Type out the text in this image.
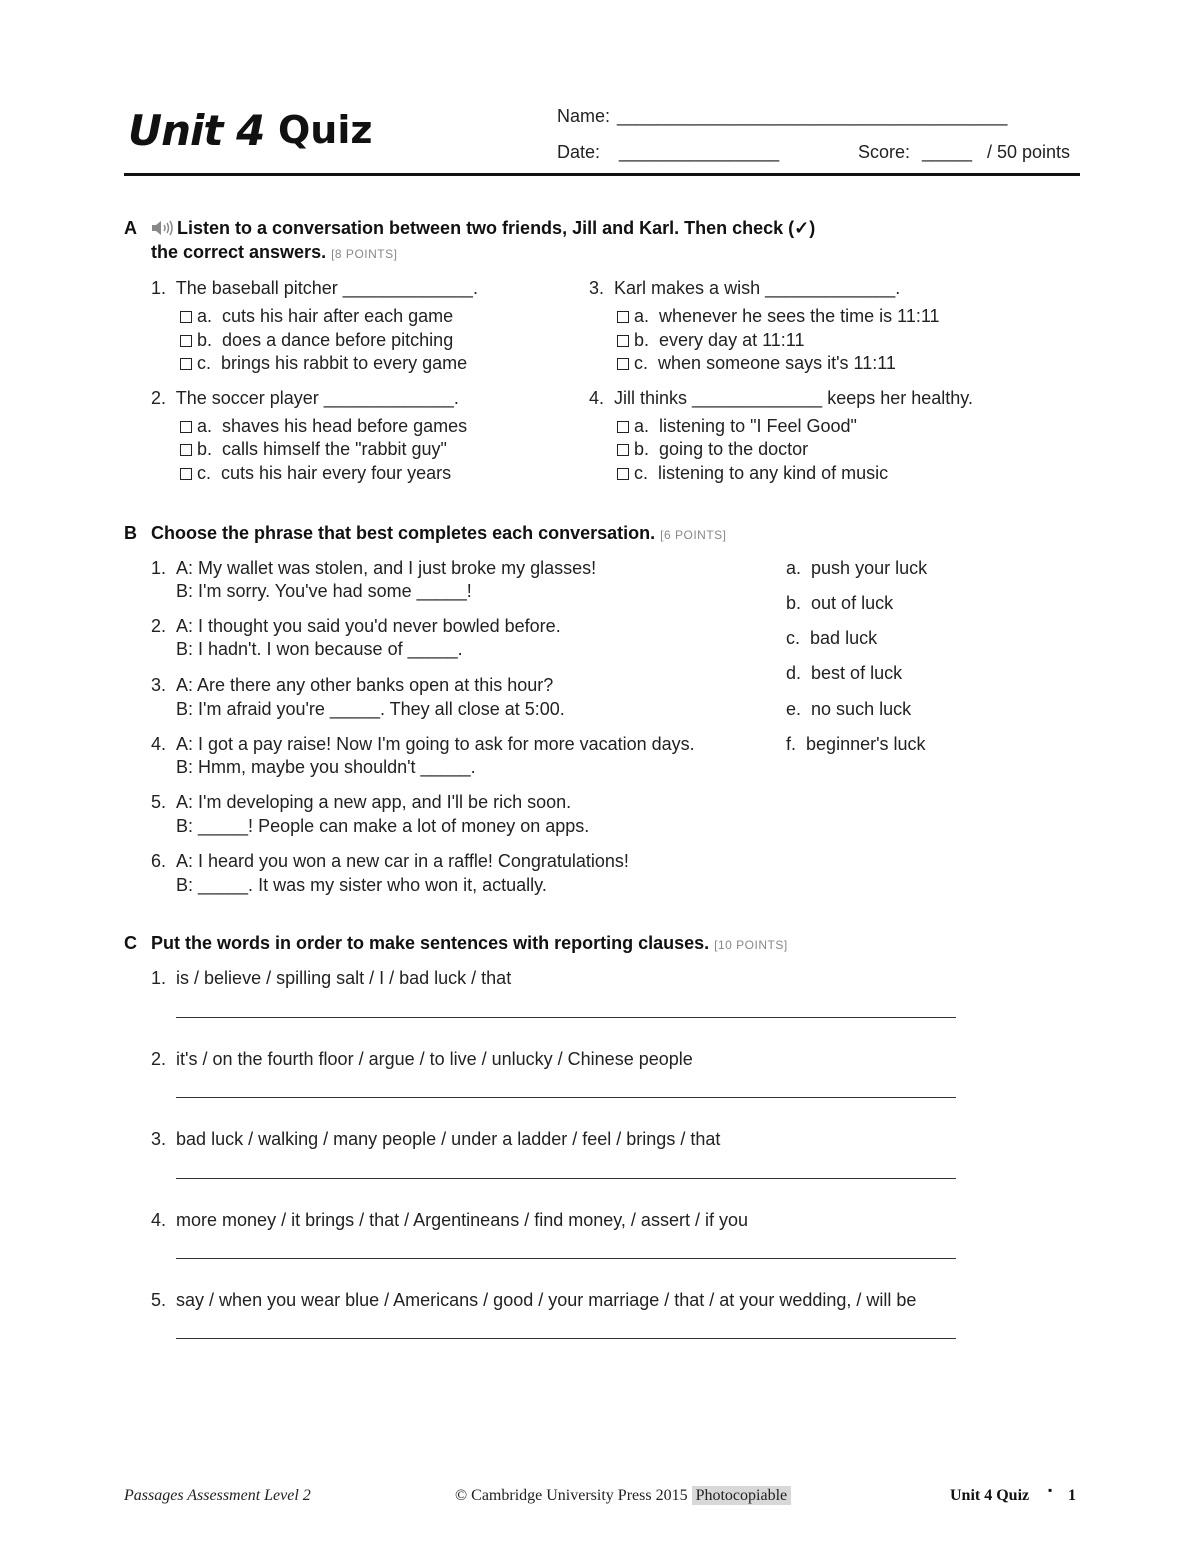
Unit 4 Quiz	Name: _______________________________________
Date: ________________	Score: _____ / 50 points
A	Listen to a conversation between two friends, Jill and Karl. Then check (✓)
the correct answers. [8 POINTS]
1. The baseball pitcher _____________.
a. cuts his hair after each game
b. does a dance before pitching
c. brings his rabbit to every game
2. The soccer player _____________.
a. shaves his head before games
b. calls himself the "rabbit guy"
c. cuts his hair every four years
3. Karl makes a wish _____________.
a. whenever he sees the time is 11:11
b. every day at 11:11
c. when someone says it's 11:11
4. Jill thinks _____________ keeps her healthy.
a. listening to "I Feel Good"
b. going to the doctor
c. listening to any kind of music
B Choose the phrase that best completes each conversation. [6 POINTS]
1. A: My wallet was stolen, and I just broke my glasses!
B: I'm sorry. You've had some _____!
2. A: I thought you said you'd never bowled before.
B: I hadn't. I won because of _____.
3. A: Are there any other banks open at this hour?
B: I'm afraid you're _____. They all close at 5:00.
4. A: I got a pay raise! Now I'm going to ask for more vacation days.
B: Hmm, maybe you shouldn't _____.
5. A: I'm developing a new app, and I'll be rich soon.
B: _____! People can make a lot of money on apps.
6. A: I heard you won a new car in a raffle! Congratulations!
B: _____. It was my sister who won it, actually.
a. push your luck
b. out of luck
c. bad luck
d. best of luck
e. no such luck
f. beginner's luck
C Put the words in order to make sentences with reporting clauses. [10 POINTS]
1. is / believe / spilling salt / I / bad luck / that
2. it's / on the fourth floor / argue / to live / unlucky / Chinese people
3. bad luck / walking / many people / under a ladder / feel / brings / that
4. more money / it brings / that / Argentineans / find money, / assert / if you
5. say / when you wear blue / Americans / good / your marriage / that / at your wedding, / will be
Passages Assessment Level 2	© Cambridge University Press 2015 Photocopiable	Unit 4 Quiz ▪ 1
